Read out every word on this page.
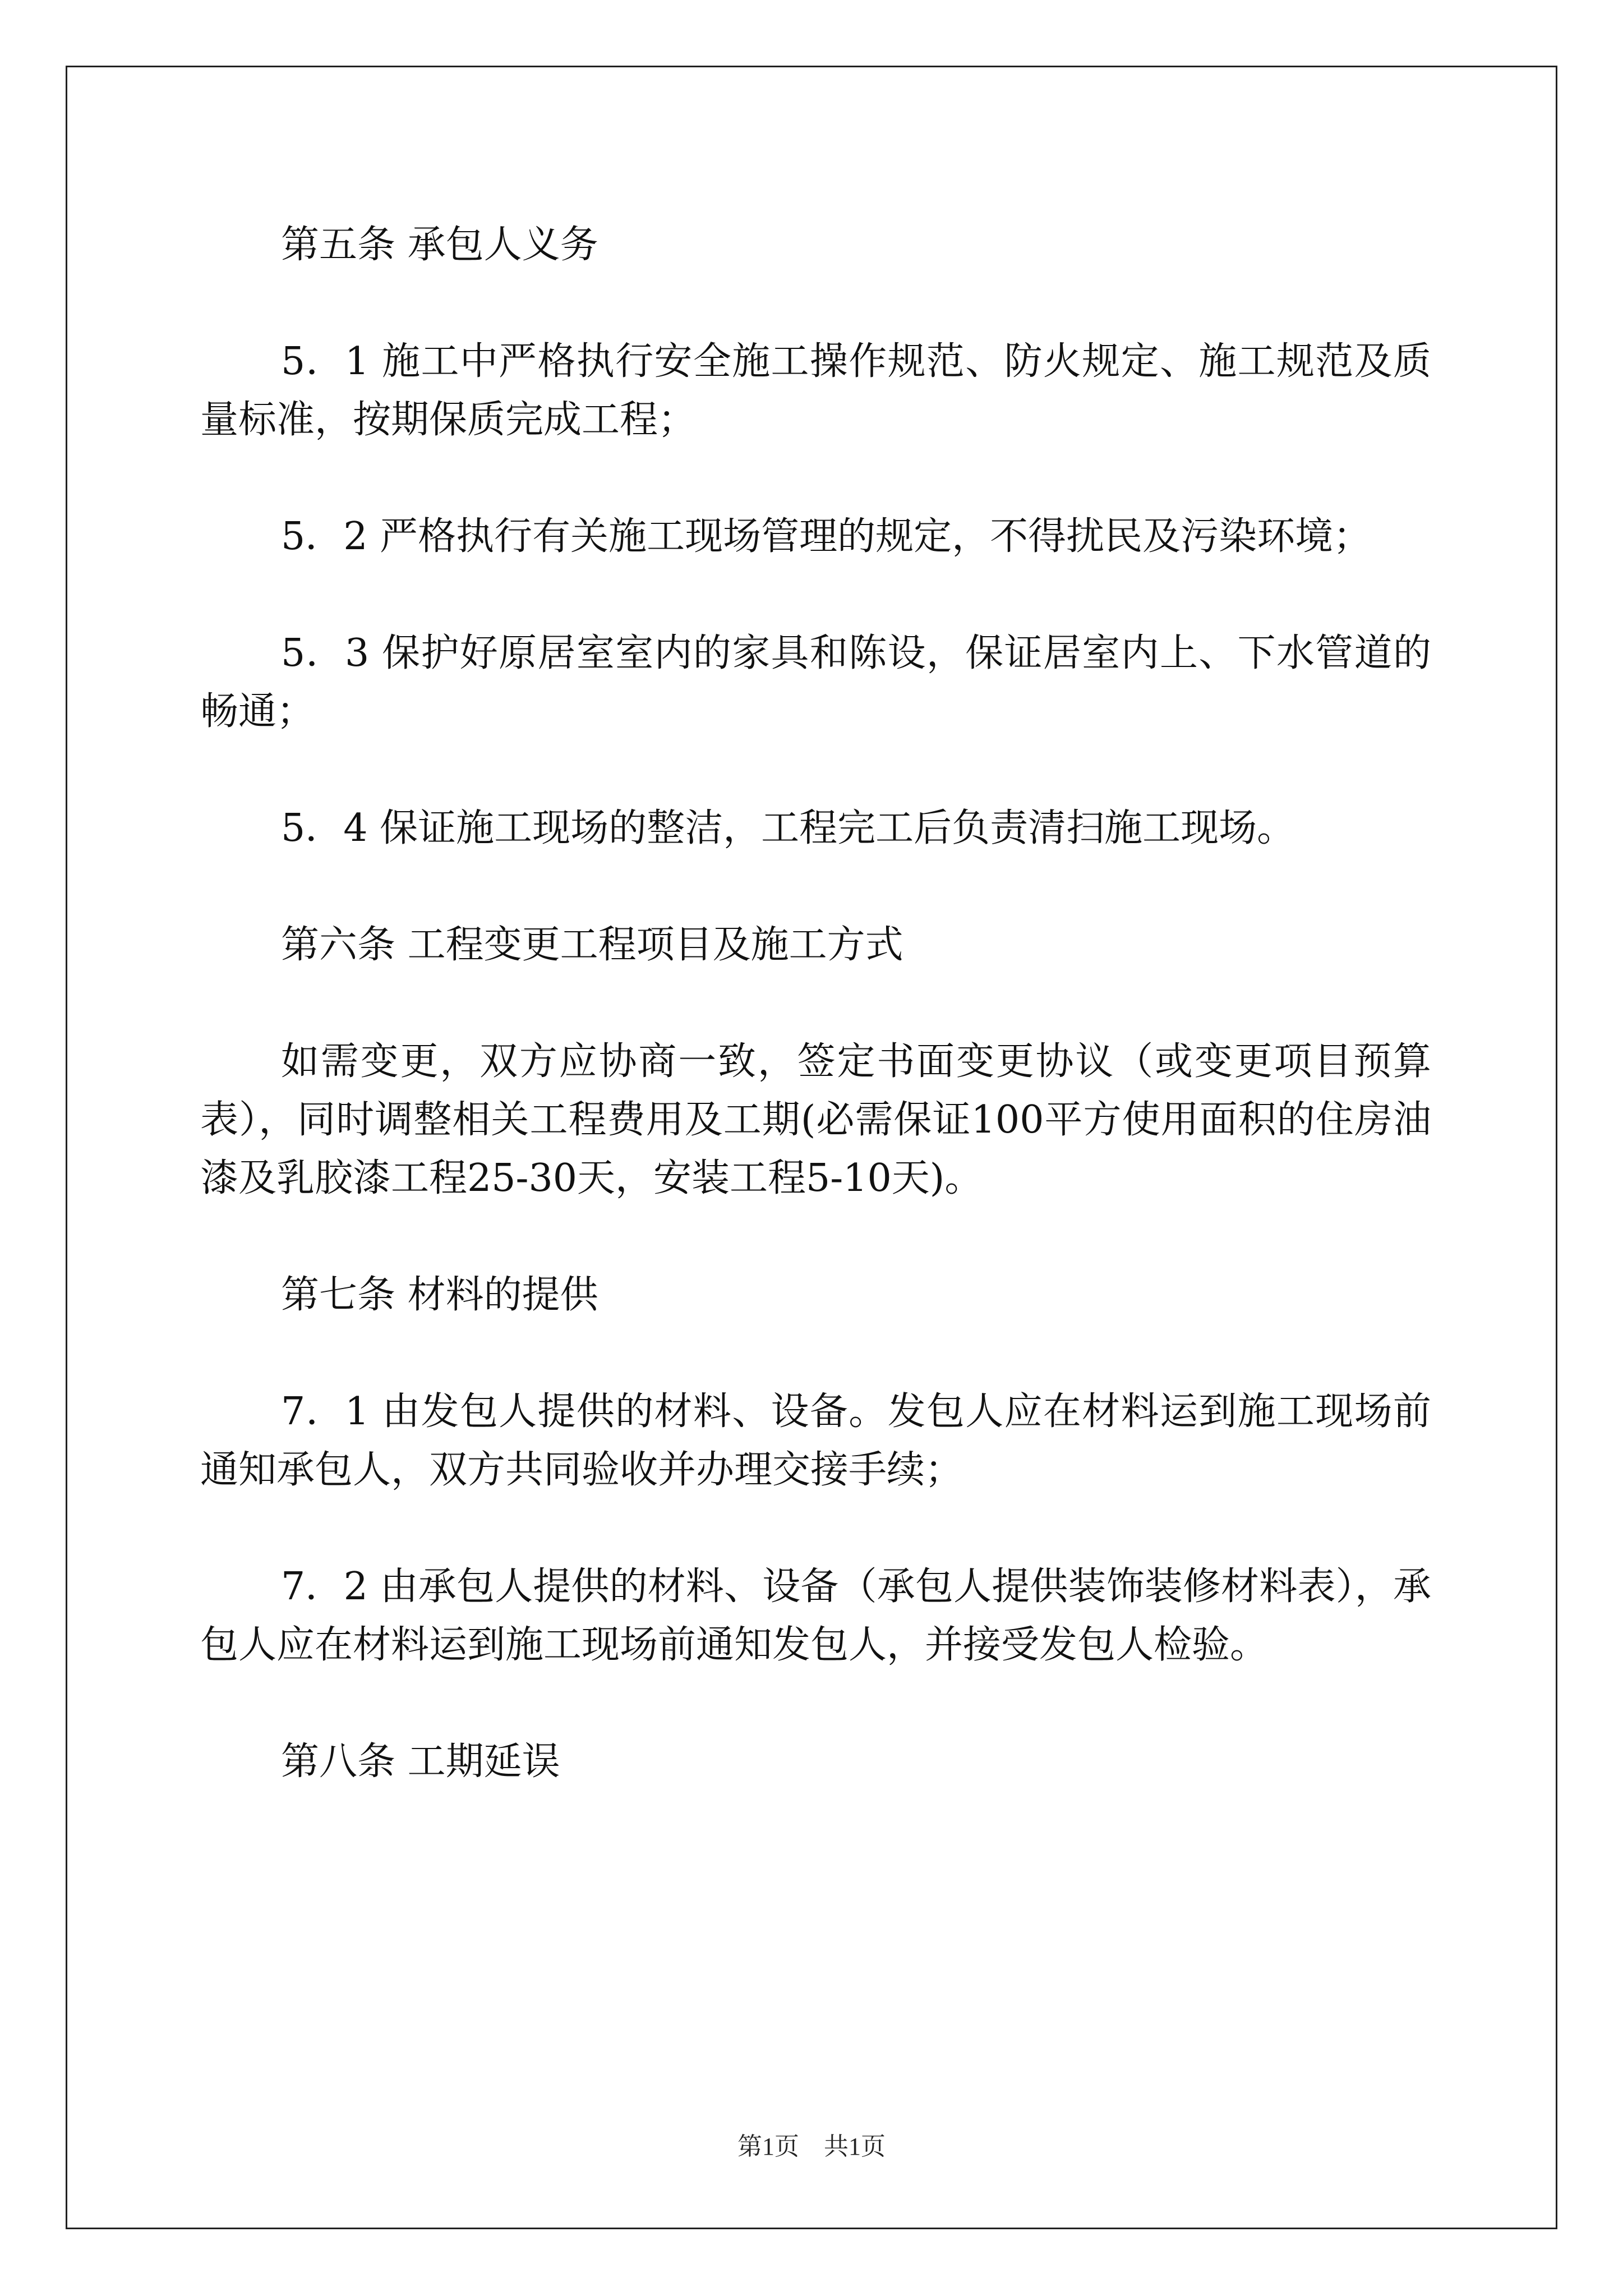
第五条 承包人义务

5．1 施工中严格执行安全施工操作规范、防火规定、施工规范及质量标准，按期保质完成工程；

5．2 严格执行有关施工现场管理的规定，不得扰民及污染环境；

5．3 保护好原居室室内的家具和陈设，保证居室内上、下水管道的畅通；

5．4 保证施工现场的整洁，工程完工后负责清扫施工现场。

第六条 工程变更工程项目及施工方式

如需变更，双方应协商一致，签定书面变更协议（或变更项目预算表），同时调整相关工程费用及工期(必需保证100平方使用面积的住房油漆及乳胶漆工程25-30天，安装工程5-10天)。

第七条 材料的提供

7．1 由发包人提供的材料、设备。发包人应在材料运到施工现场前通知承包人，双方共同验收并办理交接手续；

7．2 由承包人提供的材料、设备（承包人提供装饰装修材料表），承包人应在材料运到施工现场前通知发包人，并接受发包人检验。

第八条 工期延误

第1页　共1页
